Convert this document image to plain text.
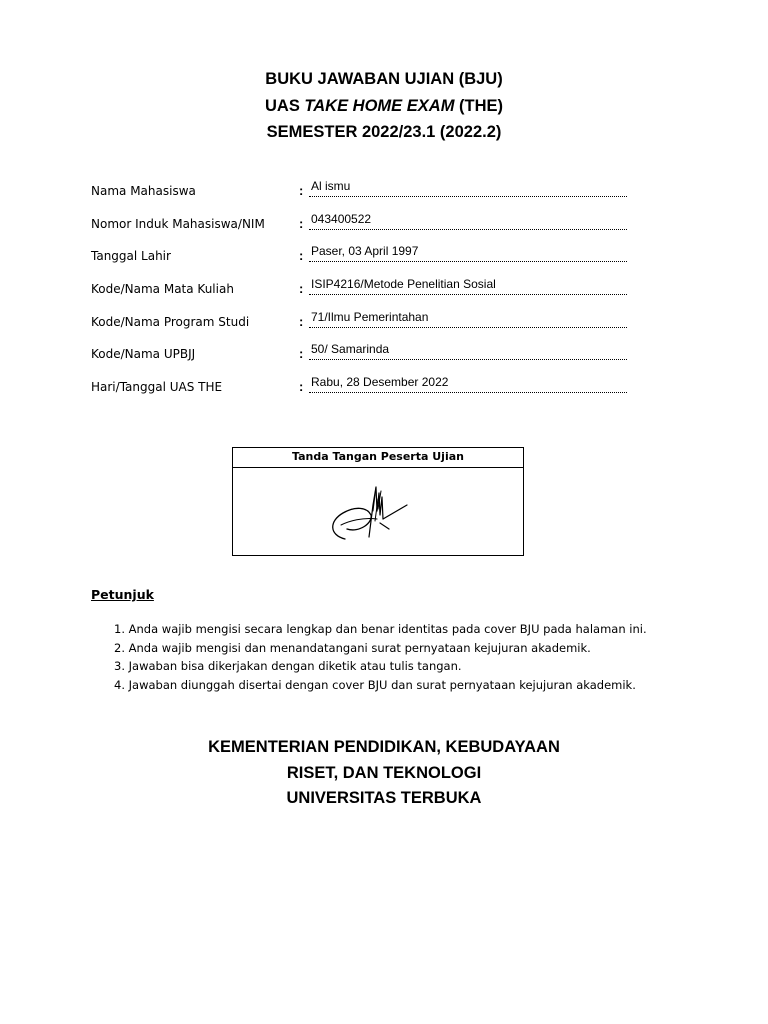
BUKU JAWABAN UJIAN (BJU)
UAS TAKE HOME EXAM (THE)
SEMESTER 2022/23.1 (2022.2)
Nama Mahasiswa	: Al ismu
Nomor Induk Mahasiswa/NIM	: 043400522
Tanggal Lahir	: Paser, 03 April 1997
Kode/Nama Mata Kuliah	: ISIP4216/Metode Penelitian Sosial
Kode/Nama Program Studi	: 71/Ilmu Pemerintahan
Kode/Nama UPBJJ	: 50/ Samarinda
Hari/Tanggal UAS THE	: Rabu, 28 Desember 2022
Tanda Tangan Peserta Ujian
Petunjuk
1. Anda wajib mengisi secara lengkap dan benar identitas pada cover BJU pada halaman ini.
2. Anda wajib mengisi dan menandatangani surat pernyataan kejujuran akademik.
3. Jawaban bisa dikerjakan dengan diketik atau tulis tangan.
4. Jawaban diunggah disertai dengan cover BJU dan surat pernyataan kejujuran akademik.
KEMENTERIAN PENDIDIKAN, KEBUDAYAAN
RISET, DAN TEKNOLOGI
UNIVERSITAS TERBUKA
